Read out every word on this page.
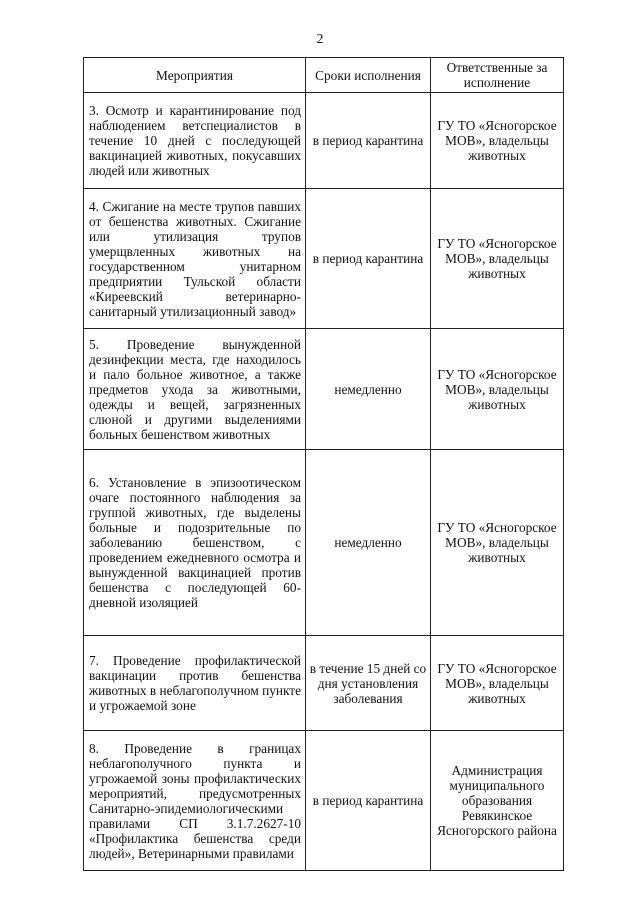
2
Мероприятия	Сроки исполнения	Ответственные за исполнение
3. Осмотр и карантинирование под наблюдением ветспециалистов в течение 10 дней с последующей вакцинацией животных, покусавших людей или животных	в период карантина	ГУ ТО «Ясногорское МОВ», владельцы животных
4. Сжигание на месте трупов павших от бешенства животных. Сжигание или утилизация трупов умерщвленных животных на государственном унитарном предприятии Тульской области «Киреевский ветеринарно-санитарный утилизационный завод»	в период карантина	ГУ ТО «Ясногорское МОВ», владельцы животных
5. Проведение вынужденной дезинфекции места, где находилось и пало больное животное, а также предметов ухода за животными, одежды и вещей, загрязненных слюной и другими выделениями больных бешенством животных	немедленно	ГУ ТО «Ясногорское МОВ», владельцы животных
6. Установление в эпизоотическом очаге постоянного наблюдения за группой животных, где выделены больные и подозрительные по заболеванию бешенством, с проведением ежедневного осмотра и вынужденной вакцинацией против бешенства с последующей 60-дневной изоляцией	немедленно	ГУ ТО «Ясногорское МОВ», владельцы животных
7. Проведение профилактической вакцинации против бешенства животных в неблагополучном пункте и угрожаемой зоне	в течение 15 дней со дня установления заболевания	ГУ ТО «Ясногорское МОВ», владельцы животных
8. Проведение в границах неблагополучного пункта и угрожаемой зоны профилактических мероприятий, предусмотренных Санитарно-эпидемиологическими правилами СП 3.1.7.2627-10 «Профилактика бешенства среди людей», Ветеринарными правилами	в период карантина	Администрация муниципального образования Ревякинское Ясногорского района
